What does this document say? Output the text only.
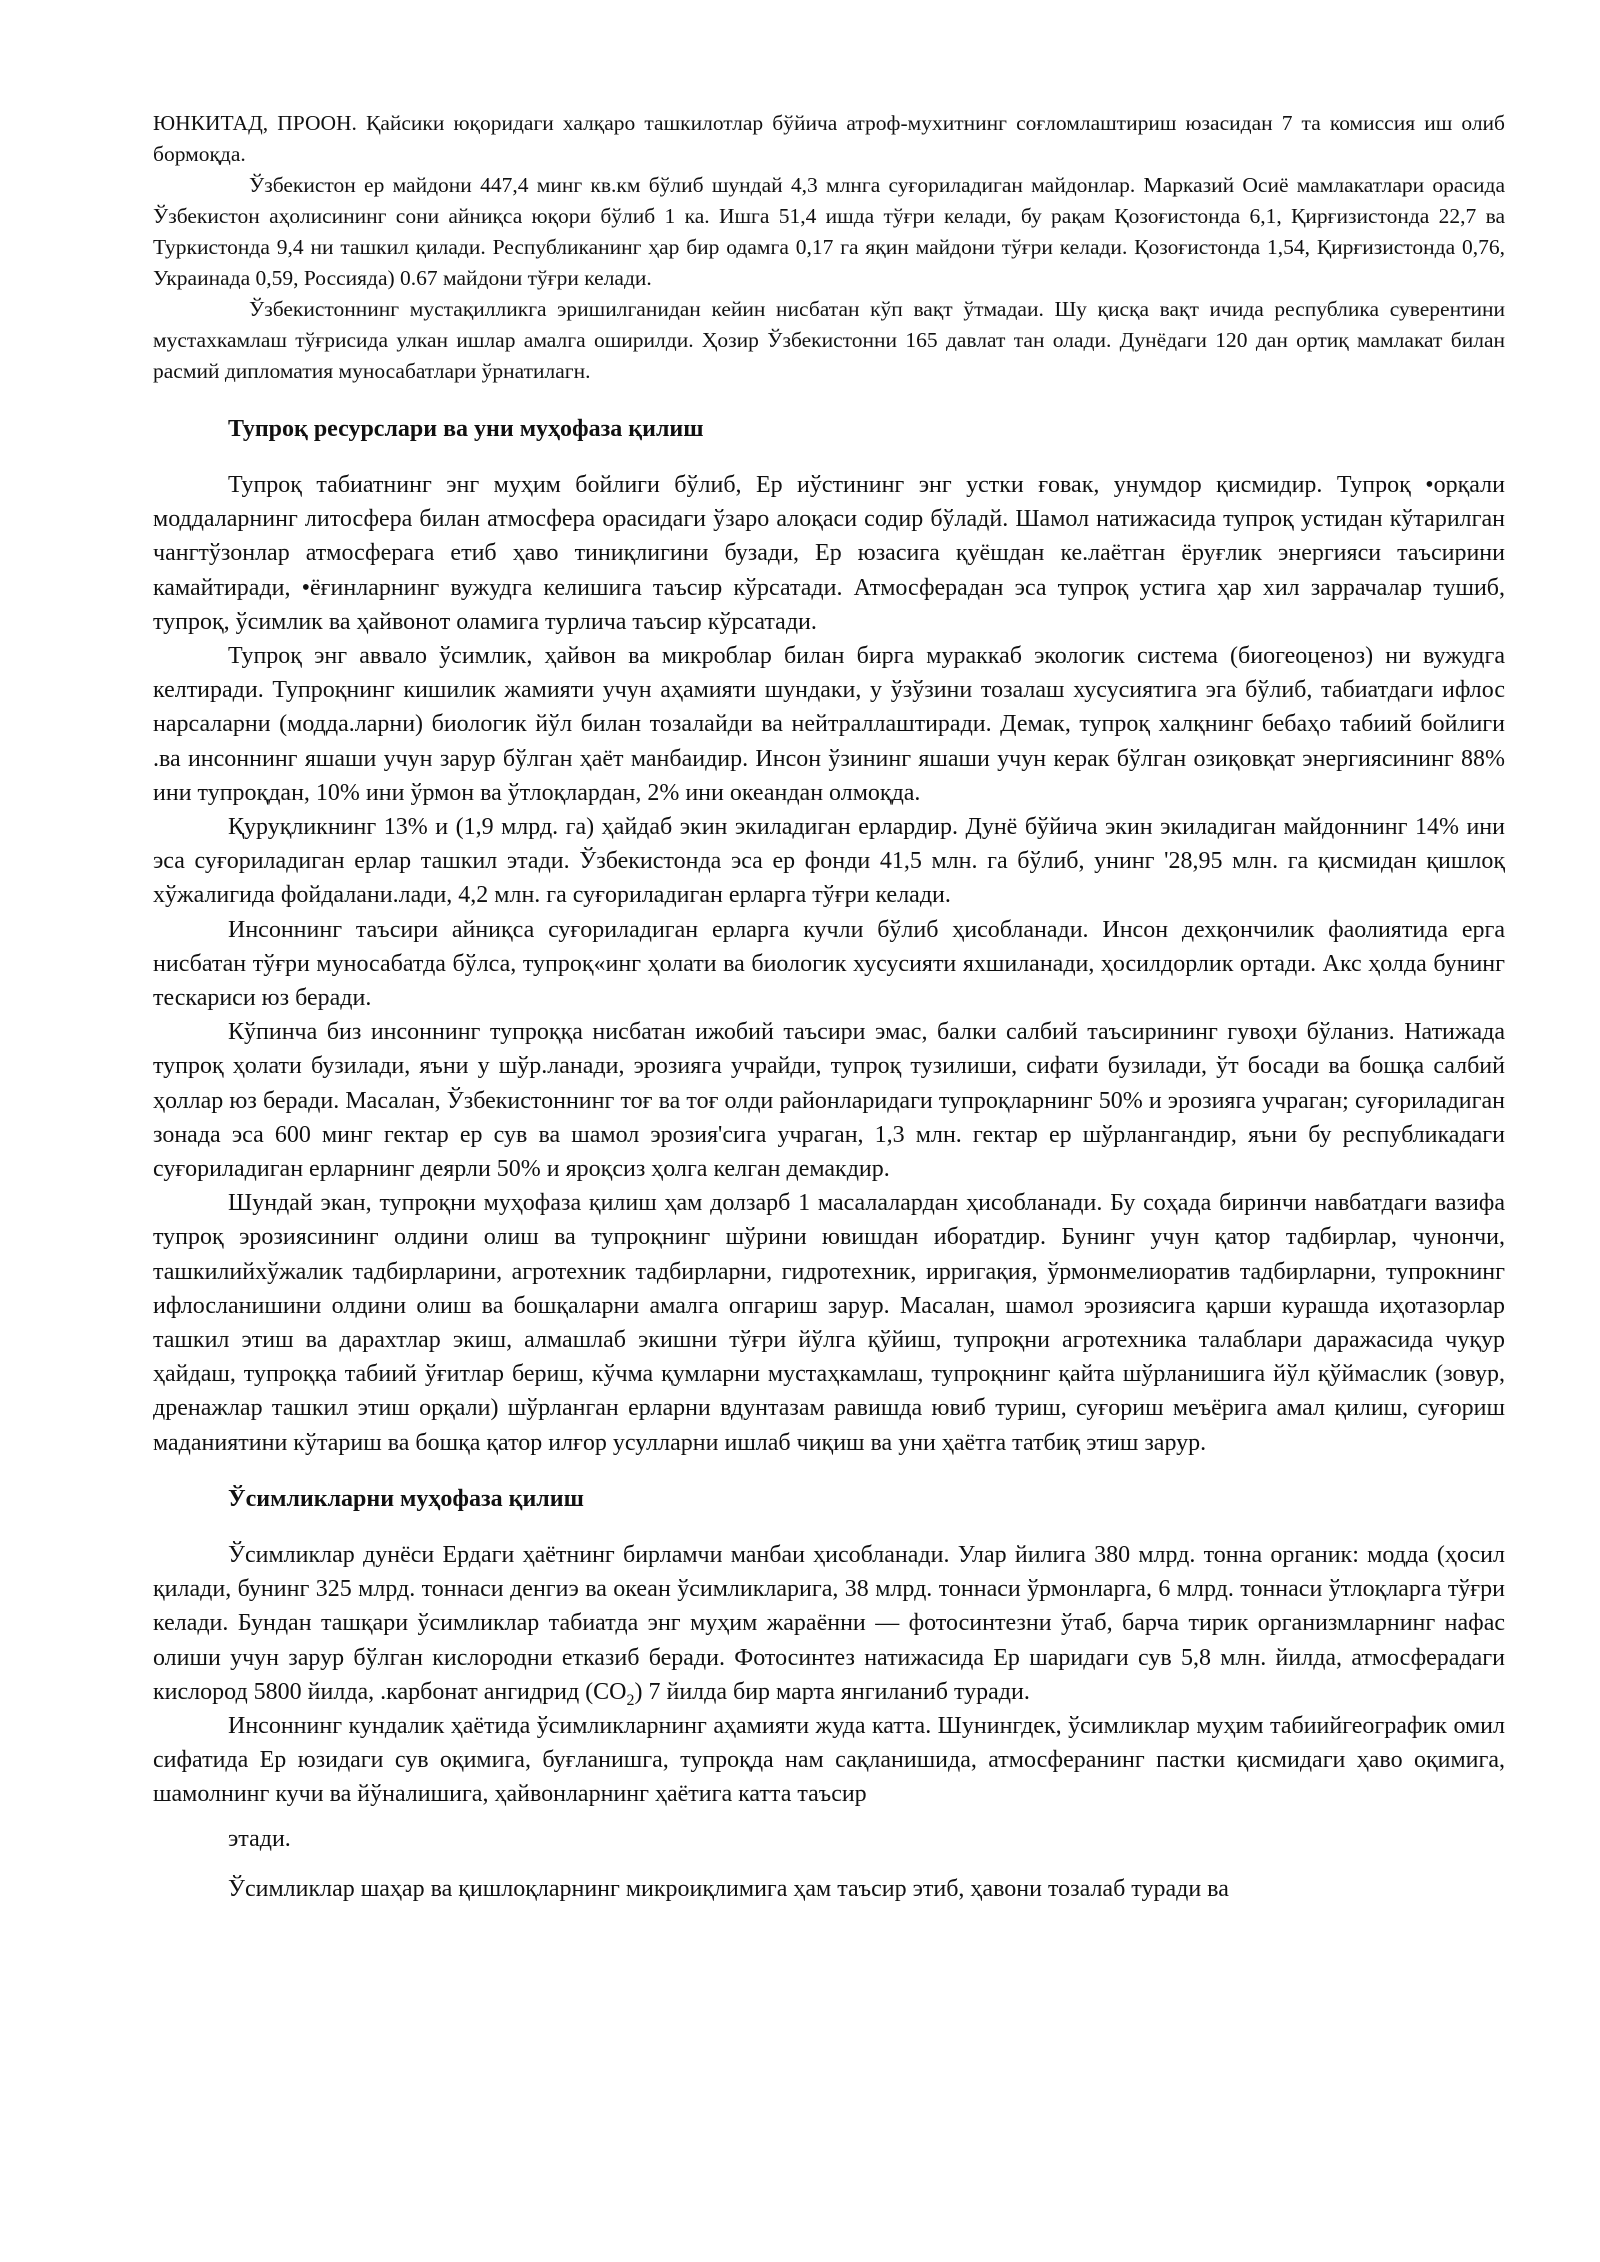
ЮНКИТАД, ПРООН. Қайсики юқоридаги халқаро ташкилотлар бўйича атроф-мухитнинг соғломлаштириш юзасидан 7 та комиссия иш олиб бормоқда.

Ўзбекистон ер майдони 447,4 минг кв.км бўлиб шундай 4,3 млнга суғориладиган майдонлар. Марказий Осиё мамлакатлари орасида Ўзбекистон аҳолисининг сони айниқса юқори бўлиб 1 ка. Ишга 51,4 ишда тўғри келади, бу рақам Қозоғистонда 6,1, Қирғизистонда 22,7 ва Туркистонда 9,4 ни ташкил қилади. Республиканинг ҳар бир одамга 0,17 га яқин майдони тўғри келади. Қозоғистонда 1,54, Қирғизистонда 0,76, Украинада 0,59, Россияда) 0.67 майдони тўғри келади.

Ўзбекистоннинг мустақилликга эришилганидан кейин нисбатан кўп вақт ўтмадаи. Шу қисқа вақт ичида республика суверентини мустахкамлаш тўғрисида улкан ишлар амалга оширилди. Ҳозир Ўзбекистонни 165 давлат тан олади. Дунёдаги 120 дан ортиқ мамлакат билан расмий дипломатия муносабатлари ўрнатилагн.

Тупроқ ресурслари ва уни муҳофаза қилиш

Тупроқ табиатнинг энг муҳим бойлиги бўлиб, Ер иўстининг энг устки ғовак, унумдор қисмидир. Тупроқ •орқали моддаларнинг литосфера билан атмосфера орасидаги ўзаро алоқаси содир бўладй. Шамол натижасида тупроқ устидан кўтарилган чангтўзонлар атмосферага етиб ҳаво тиниқлигини бузади, Ер юзасига қуёшдан ке.лаётган ёруғлик энергияси таъсирини камайтиради, •ёғинларнинг вужудга келишига таъсир кўрсатади. Атмосферадан эса тупроқ устига ҳар хил заррачалар тушиб, тупроқ, ўсимлик ва ҳайвонот оламига турлича таъсир кўрсатади.

Тупроқ энг аввало ўсимлик, ҳайвон ва микроблар билан бирга мураккаб экологик система (биогеоценоз) ни вужудга келтиради. Тупроқнинг кишилик жамияти учун аҳамияти шундаки, у ўзўзини тозалаш хусусиятига эга бўлиб, табиатдаги ифлос нарсаларни (модда.ларни) биологик йўл билан тозалайди ва нейтраллаштиради. Демак, тупроқ халқнинг бебаҳо табиий бойлиги .ва инсоннинг яшаши учун зарур бўлган ҳаёт манбаидир. Инсон ўзининг яшаши учун керак бўлган озиқовқат энергиясининг 88% ини тупроқдан, 10% ини ўрмон ва ўтлоқлардан, 2% ини океандан олмоқда.

Қуруқликнинг 13% и (1,9 млрд. га) ҳайдаб экин экиладиган ерлардир. Дунё бўйича экин экиладиган майдоннинг 14% ини эса суғориладиган ерлар ташкил этади. Ўзбекистонда эса ер фонди 41,5 млн. га бўлиб, унинг '28,95 млн. га қисмидан қишлоқ хўжалигида фойдалани.лади, 4,2 млн. га суғориладиган ерларга тўғри келади.

Инсоннинг таъсири айниқса суғориладиган ерларга кучли бўлиб ҳисобланади. Инсон дехқончилик фаолиятида ерга нисбатан тўғри муносабатда бўлса, тупроқ«инг ҳолати ва биологик хусусияти яхшиланади, ҳосилдорлик ортади. Акс ҳолда бунинг тескариси юз беради.

Кўпинча биз инсоннинг тупроққа нисбатан ижобий таъсири эмас, балки салбий таъсирининг гувоҳи бўланиз. Натижада тупроқ ҳолати бузилади, яъни у шўр.ланади, эрозияга учрайди, тупроқ тузилиши, сифати бузилади, ўт босади ва бошқа салбий ҳоллар юз беради. Масалан, Ўзбекистоннинг тоғ ва тоғ олди районларидаги тупроқларнинг 50% и эрозияга учраган; суғориладиган зонада эса 600 минг гектар ер сув ва шамол эрозия'сига учраган, 1,3 млн. гектар ер шўрлангандир, яъни бу республикадаги суғориладиган ерларнинг деярли 50% и яроқсиз ҳолга келган демакдир.

Шундай экан, тупроқни муҳофаза қилиш ҳам долзарб 1 масалалардан ҳисобланади. Бу соҳада биринчи навбатдаги вазифа тупроқ эрозиясининг олдини олиш ва тупроқнинг шўрини ювишдан иборатдир. Бунинг учун қатор тадбирлар, чунончи, ташкилийхўжалик тадбирларини, агротехник тадбирларни, гидротехник, ирригақия, ўрмонмелиоратив тадбирларни, тупрокнинг ифлосланишини олдини олиш ва бошқаларни амалга опгариш зарур. Масалан, шамол эрозиясига қарши курашда иҳотазорлар ташкил этиш ва дарахтлар экиш, алмашлаб экишни тўғри йўлга қўйиш, тупроқни агротехника талаблари даражасида чуқур ҳайдаш, тупроққа табиий ўғитлар бериш, кўчма қумларни мустаҳкамлаш, тупроқнинг қайта шўрланишига йўл қўймаслик (зовур, дренажлар ташкил этиш орқали) шўрланган ерларни вдунтазам равишда ювиб туриш, суғориш меъёрига амал қилиш, суғориш маданиятини кўтариш ва бошқа қатор илғор усулларни ишлаб чиқиш ва уни ҳаётга татбиқ этиш зарур.

Ўсимликларни муҳофаза қилиш

Ўсимликлар дунёси Ердаги ҳаётнинг бирламчи манбаи ҳисобланади. Улар йилига 380 млрд. тонна органик: модда (ҳосил қилади, бунинг 325 млрд. тоннаси денгиэ ва океан ўсимликларига, 38 млрд. тоннаси ўрмонларга, 6 млрд. тоннаси ўтлоқларга тўғри келади. Бундан ташқари ўсимликлар табиатда энг муҳим жараённи — фотосинтезни ўтаб, барча тирик организмларнинг нафас олиши учун зарур бўлган кислородни етказиб беради. Фотосинтез натижасида Ер шаридаги сув 5,8 млн. йилда, атмосферадаги кислород 5800 йилда, .карбонат ангидрид $(CO_2)$ 7 йилда бир марта янгиланиб туради.

Инсоннинг кундалик ҳаётида ўсимликларнинг аҳамияти жуда катта. Шунингдек, ўсимликлар муҳим табиийгеографик омил сифатида Ер юзидаги сув оқимига, буғланишга, тупроқда нам сақланишида, атмосферанинг пастки қисмидаги ҳаво оқимига, шамолнинг кучи ва йўналишига, ҳайвонларнинг ҳаётига катта таъсир

этади.

Ўсимликлар шаҳар ва қишлоқларнинг микроиқлимига ҳам таъсир этиб, ҳавони тозалаб туради ва
